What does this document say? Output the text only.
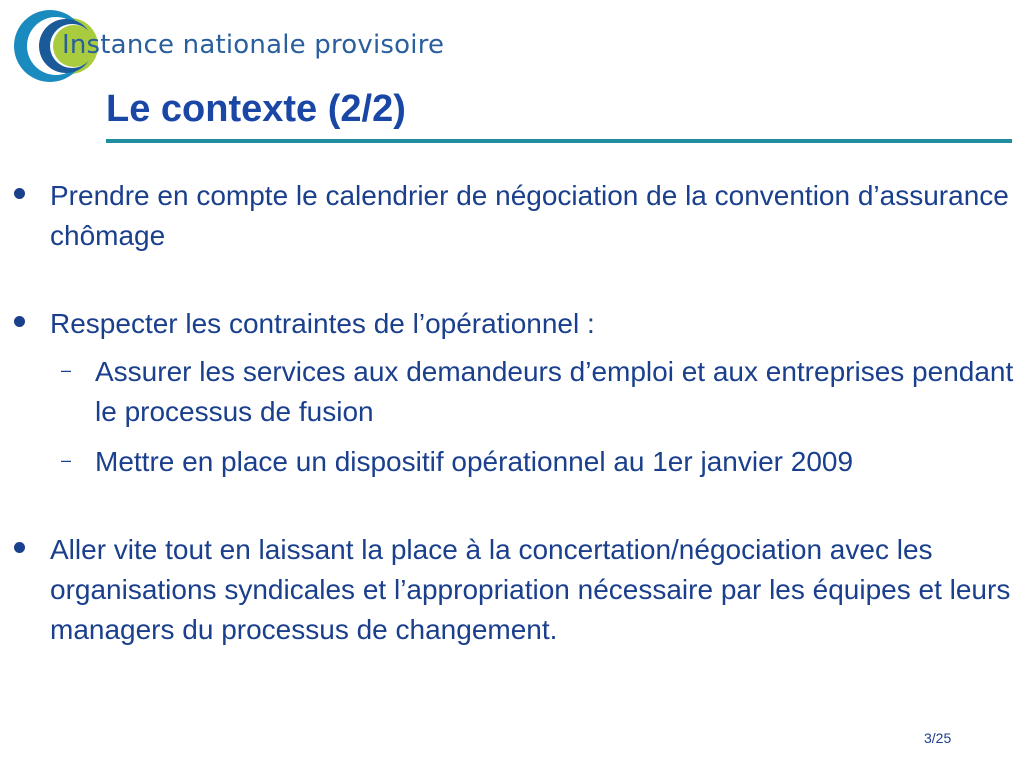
Instance nationale provisoire
Le contexte (2/2)
Prendre en compte le calendrier de négociation de la convention d’assurance chômage
Respecter les contraintes de l’opérationnel :
– Assurer les services aux demandeurs d’emploi et aux entreprises pendant le processus de fusion
– Mettre en place un dispositif opérationnel au 1er janvier 2009
Aller vite tout en laissant la place à la concertation/négociation avec les organisations syndicales et l’appropriation nécessaire par les équipes et leurs managers du processus de changement.
3/25
